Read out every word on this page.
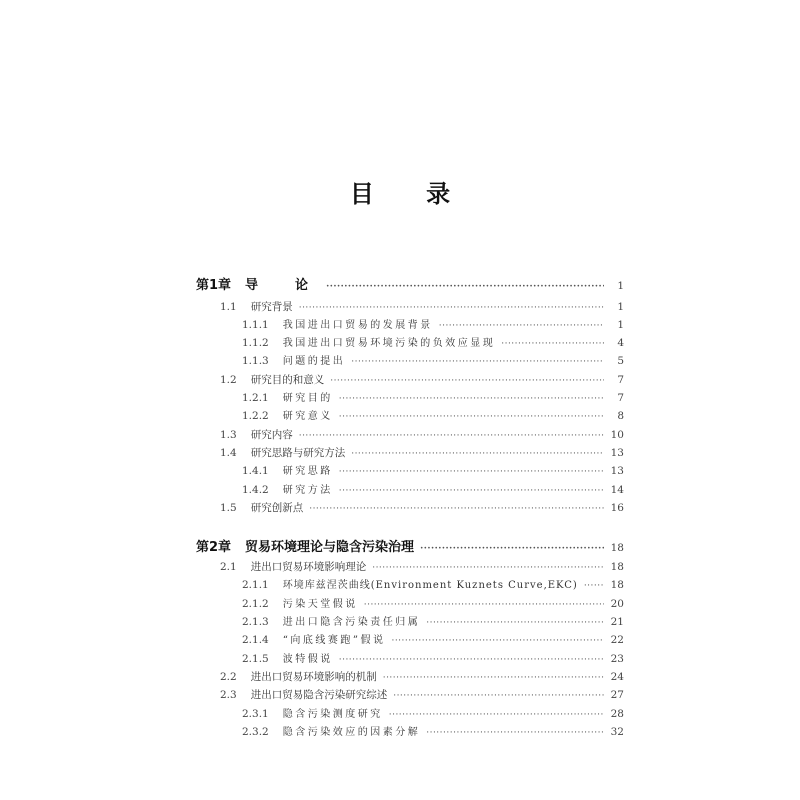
目 录
第1章 导　论 ·····	1
1.1 研究背景 ·····	1
1.1.1 我国进出口贸易的发展背景 ·····	1
1.1.2 我国进出口贸易环境污染的负效应显现 ·····	4
1.1.3 问题的提出 ·····	5
1.2 研究目的和意义 ·····	7
1.2.1 研究目的 ·····	7
1.2.2 研究意义 ·····	8
1.3 研究内容 ·····	10
1.4 研究思路与研究方法 ·····	13
1.4.1 研究思路 ·····	13
1.4.2 研究方法 ·····	14
1.5 研究创新点 ·····	16
第2章 贸易环境理论与隐含污染治理 ·····	18
2.1 进出口贸易环境影响理论 ·····	18
2.1.1 环境库兹涅茨曲线(Environment Kuznets Curve,EKC) ·····	18
2.1.2 污染天堂假说 ·····	20
2.1.3 进出口隐含污染责任归属 ·····	21
2.1.4 “向底线赛跑”假说 ·····	22
2.1.5 波特假说 ·····	23
2.2 进出口贸易环境影响的机制 ·····	24
2.3 进出口贸易隐含污染研究综述 ·····	27
2.3.1 隐含污染测度研究 ·····	28
2.3.2 隐含污染效应的因素分解 ·····	32
